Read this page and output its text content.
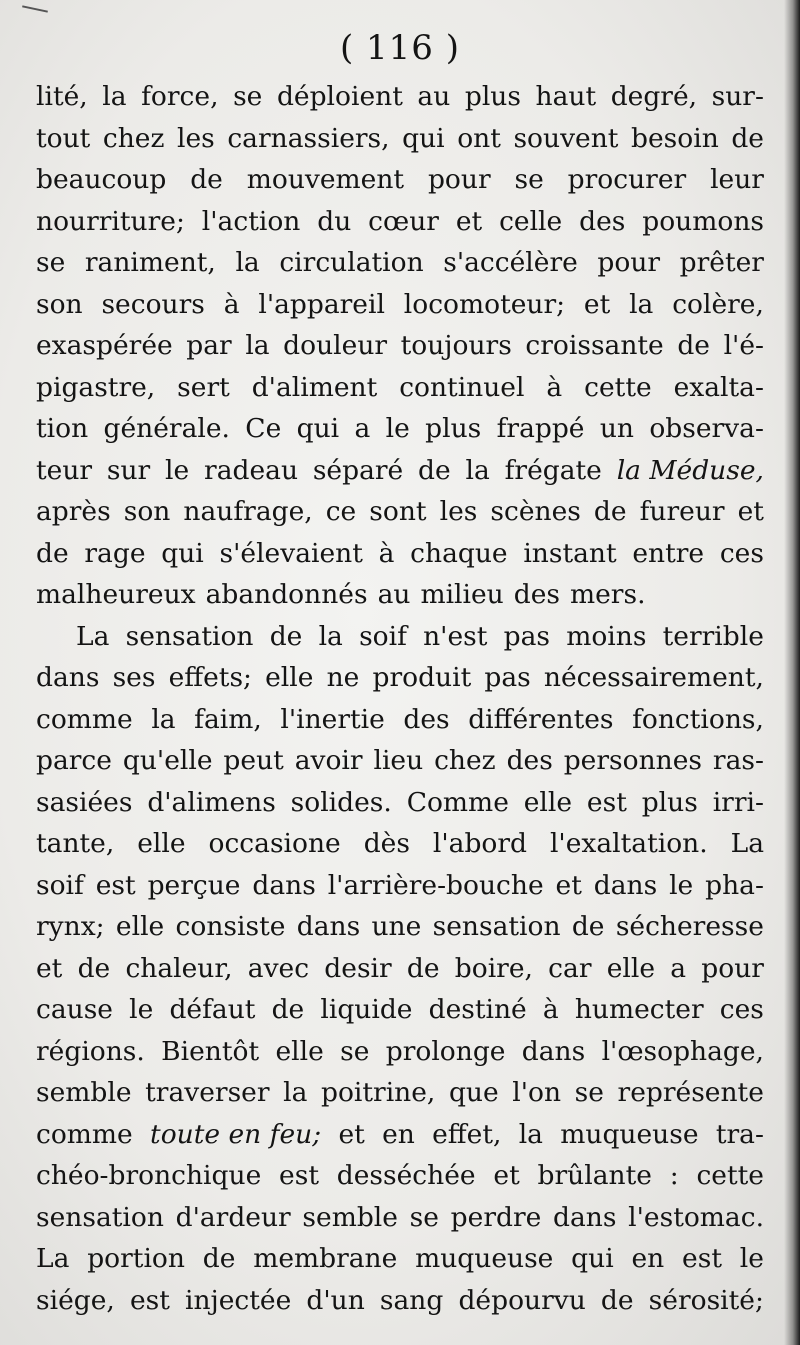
( 116 )
lité, la force, se déploient au plus haut degré, sur-
tout chez les carnassiers, qui ont souvent besoin de
beaucoup de mouvement pour se procurer leur
nourriture; l'action du cœur et celle des poumons
se raniment, la circulation s'accélère pour prêter
son secours à l'appareil locomoteur; et la colère,
exaspérée par la douleur toujours croissante de l'é-
pigastre, sert d'aliment continuel à cette exalta-
tion générale. Ce qui a le plus frappé un observa-
teur sur le radeau séparé de la frégate la Méduse,
après son naufrage, ce sont les scènes de fureur et
de rage qui s'élevaient à chaque instant entre ces
malheureux abandonnés au milieu des mers.
La sensation de la soif n'est pas moins terrible
dans ses effets; elle ne produit pas nécessairement,
comme la faim, l'inertie des différentes fonctions,
parce qu'elle peut avoir lieu chez des personnes ras-
sasiées d'alimens solides. Comme elle est plus irri-
tante, elle occasione dès l'abord l'exaltation. La
soif est perçue dans l'arrière-bouche et dans le pha-
rynx; elle consiste dans une sensation de sécheresse
et de chaleur, avec desir de boire, car elle a pour
cause le défaut de liquide destiné à humecter ces
régions. Bientôt elle se prolonge dans l'œsophage,
semble traverser la poitrine, que l'on se représente
comme toute en feu; et en effet, la muqueuse tra-
chéo-bronchique est desséchée et brûlante : cette
sensation d'ardeur semble se perdre dans l'estomac.
La portion de membrane muqueuse qui en est le
siége, est injectée d'un sang dépourvu de sérosité;
